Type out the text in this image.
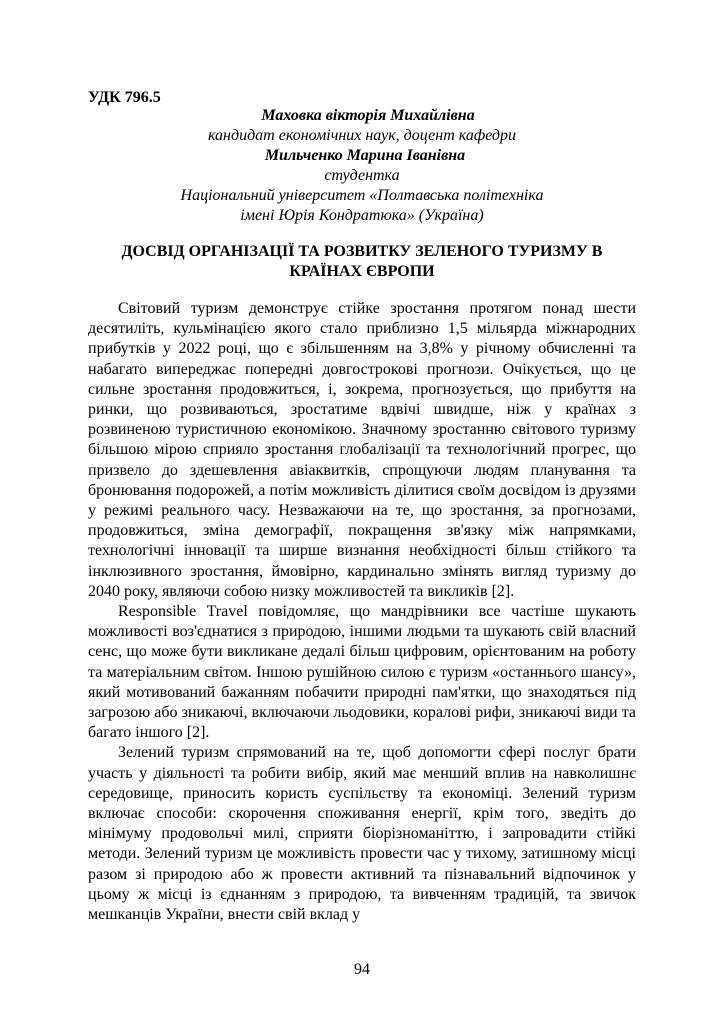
УДК 796.5
Маховка вікторія Михайлівна
кандидат економічних наук, доцент кафедри
Мильченко Марина Іванівна
студентка
Національний університет «Полтавська політехніка
імені Юрія Кондратюка» (Україна)
ДОСВІД ОРГАНІЗАЦІЇ ТА РОЗВИТКУ ЗЕЛЕНОГО ТУРИЗМУ В КРАЇНАХ ЄВРОПИ

Світовий туризм демонструє стійке зростання протягом понад шести десятиліть, кульмінацією якого стало приблизно 1,5 мільярда міжнародних прибутків у 2022 році, що є збільшенням на 3,8% у річному обчисленні та набагато випереджає попередні довгострокові прогнози. Очікується, що це сильне зростання продовжиться, і, зокрема, прогнозується, що прибуття на ринки, що розвиваються, зростатиме вдвічі швидше, ніж у країнах з розвиненою туристичною економікою. Значному зростанню світового туризму більшою мірою сприяло зростання глобалізації та технологічний прогрес, що призвело до здешевлення авіаквитків, спрощуючи людям планування та бронювання подорожей, а потім можливість ділитися своїм досвідом із друзями у режимі реального часу. Незважаючи на те, що зростання, за прогнозами, продовжиться, зміна демографії, покращення зв'язку між напрямками, технологічні інновації та ширше визнання необхідності більш стійкого та інклюзивного зростання, ймовірно, кардинально змінять вигляд туризму до 2040 року, являючи собою низку можливостей та викликів [2].

Responsible Travel повідомляє, що мандрівники все частіше шукають можливості воз'єднатися з природою, іншими людьми та шукають свій власний сенс, що може бути викликане дедалі більш цифровим, орієнтованим на роботу та матеріальним світом. Іншою рушійною силою є туризм «останнього шансу», який мотивований бажанням побачити природні пам'ятки, що знаходяться під загрозою або зникаючі, включаючи льодовики, коралові рифи, зникаючі види та багато іншого [2].

Зелений туризм спрямований на те, щоб допомогти сфері послуг брати участь у діяльності та робити вибір, який має менший вплив на навколишнє середовище, приносить користь суспільству та економіці. Зелений туризм включає способи: скорочення споживання енергії, крім того, зведіть до мінімуму продовольчі милі, сприяти біорізноманіттю, і запровадити стійкі методи. Зелений туризм це можливість провести час у тихому, затишному місці разом зі природою або ж провести активний та пізнавальний відпочинок у цьому ж місці із єднанням з природою, та вивченням традицій, та звичок мешканців України, внести свій вклад у

94
